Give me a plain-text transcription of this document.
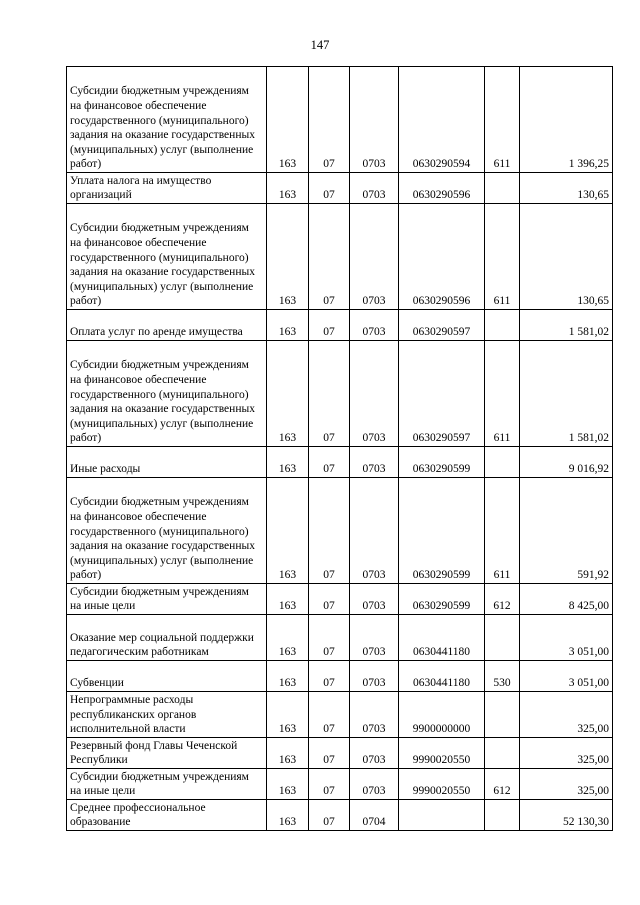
147
Субсидии бюджетным учреждениям на финансовое обеспечение государственного (муниципального) задания на оказание государственных (муниципальных) услуг (выполнение работ)	163	07	0703	0630290594	611	1 396,25
Уплата налога на имущество организаций	163	07	0703	0630290596		130,65
Субсидии бюджетным учреждениям на финансовое обеспечение государственного (муниципального) задания на оказание государственных (муниципальных) услуг (выполнение работ)	163	07	0703	0630290596	611	130,65
Оплата услуг по аренде имущества	163	07	0703	0630290597		1 581,02
Субсидии бюджетным учреждениям на финансовое обеспечение государственного (муниципального) задания на оказание государственных (муниципальных) услуг (выполнение работ)	163	07	0703	0630290597	611	1 581,02
Иные расходы	163	07	0703	0630290599		9 016,92
Субсидии бюджетным учреждениям на финансовое обеспечение государственного (муниципального) задания на оказание государственных (муниципальных) услуг (выполнение работ)	163	07	0703	0630290599	611	591,92
Субсидии бюджетным учреждениям на иные цели	163	07	0703	0630290599	612	8 425,00
Оказание мер социальной поддержки педагогическим работникам	163	07	0703	0630441180		3 051,00
Субвенции	163	07	0703	0630441180	530	3 051,00
Непрограммные расходы республиканских органов исполнительной власти	163	07	0703	9900000000		325,00
Резервный фонд Главы Чеченской Республики	163	07	0703	9990020550		325,00
Субсидии бюджетным учреждениям на иные цели	163	07	0703	9990020550	612	325,00
Среднее профессиональное образование	163	07	0704			52 130,30
